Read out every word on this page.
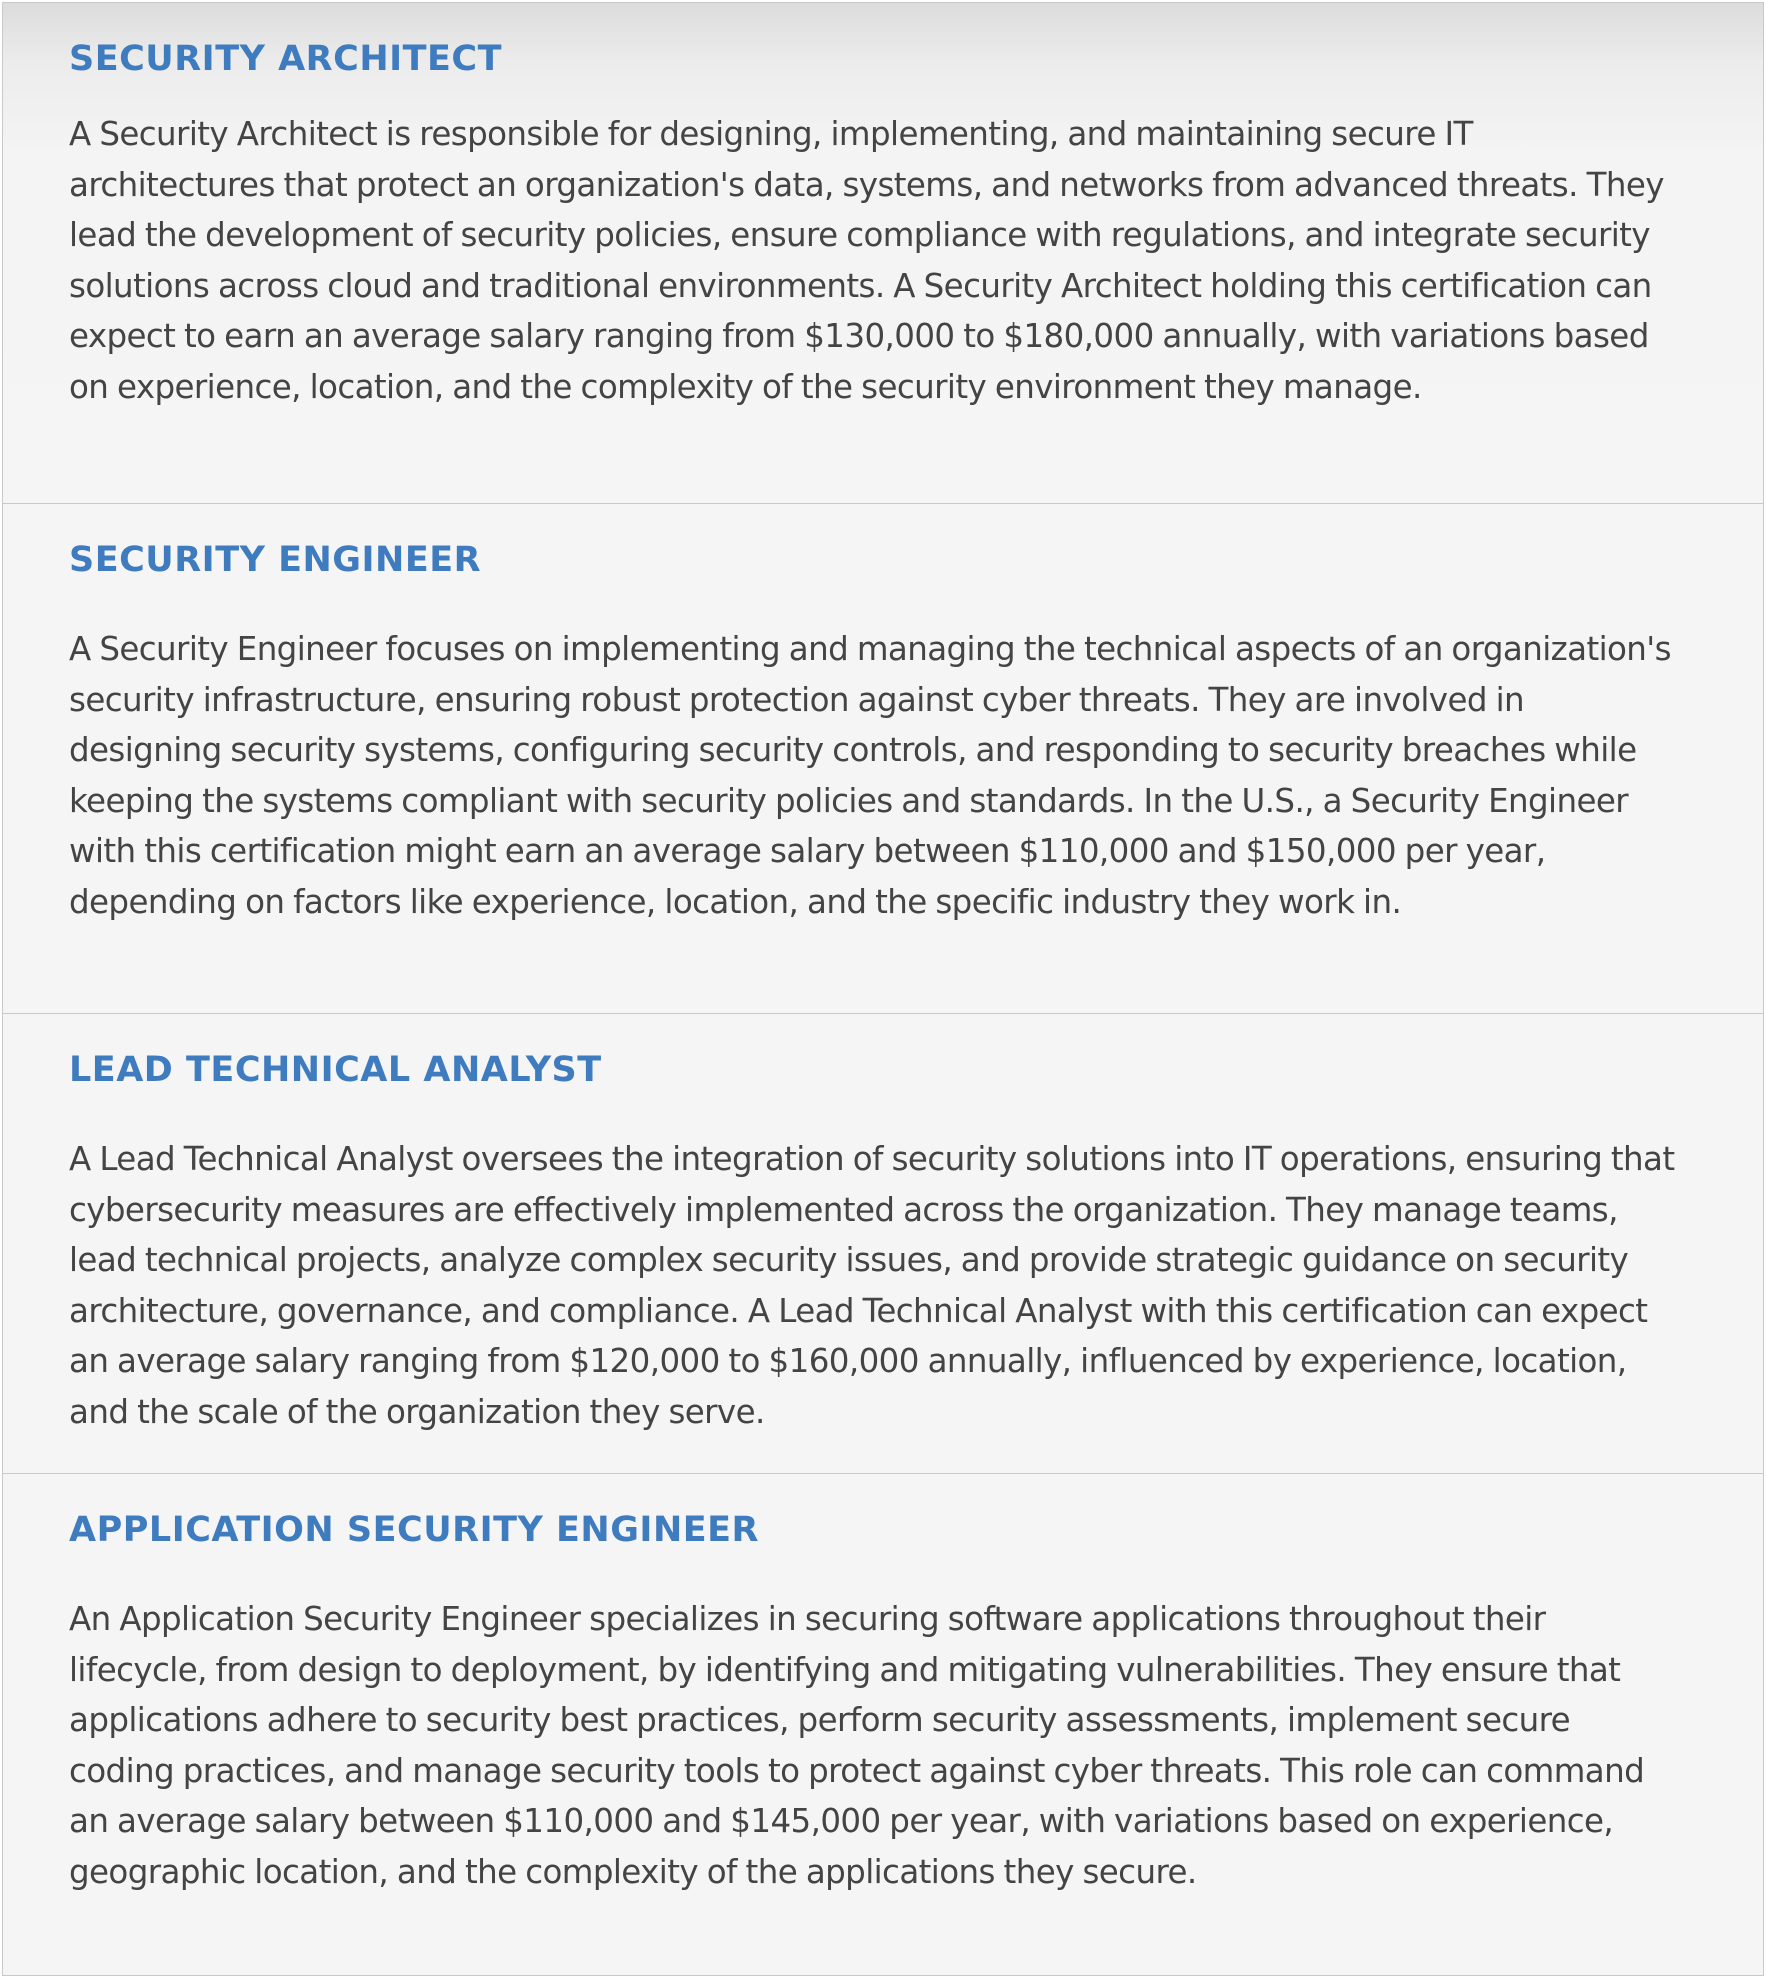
SECURITY ARCHITECT

A Security Architect is responsible for designing, implementing, and maintaining secure IT architectures that protect an organization's data, systems, and networks from advanced threats. They lead the development of security policies, ensure compliance with regulations, and integrate security solutions across cloud and traditional environments. A Security Architect holding this certification can expect to earn an average salary ranging from $130,000 to $180,000 annually, with variations based on experience, location, and the complexity of the security environment they manage.

SECURITY ENGINEER

A Security Engineer focuses on implementing and managing the technical aspects of an organization's security infrastructure, ensuring robust protection against cyber threats. They are involved in designing security systems, configuring security controls, and responding to security breaches while keeping the systems compliant with security policies and standards. In the U.S., a Security Engineer with this certification might earn an average salary between $110,000 and $150,000 per year, depending on factors like experience, location, and the specific industry they work in.

LEAD TECHNICAL ANALYST

A Lead Technical Analyst oversees the integration of security solutions into IT operations, ensuring that cybersecurity measures are effectively implemented across the organization. They manage teams, lead technical projects, analyze complex security issues, and provide strategic guidance on security architecture, governance, and compliance. A Lead Technical Analyst with this certification can expect an average salary ranging from $120,000 to $160,000 annually, influenced by experience, location, and the scale of the organization they serve.

APPLICATION SECURITY ENGINEER

An Application Security Engineer specializes in securing software applications throughout their lifecycle, from design to deployment, by identifying and mitigating vulnerabilities. They ensure that applications adhere to security best practices, perform security assessments, implement secure coding practices, and manage security tools to protect against cyber threats. This role can command an average salary between $110,000 and $145,000 per year, with variations based on experience, geographic location, and the complexity of the applications they secure.
